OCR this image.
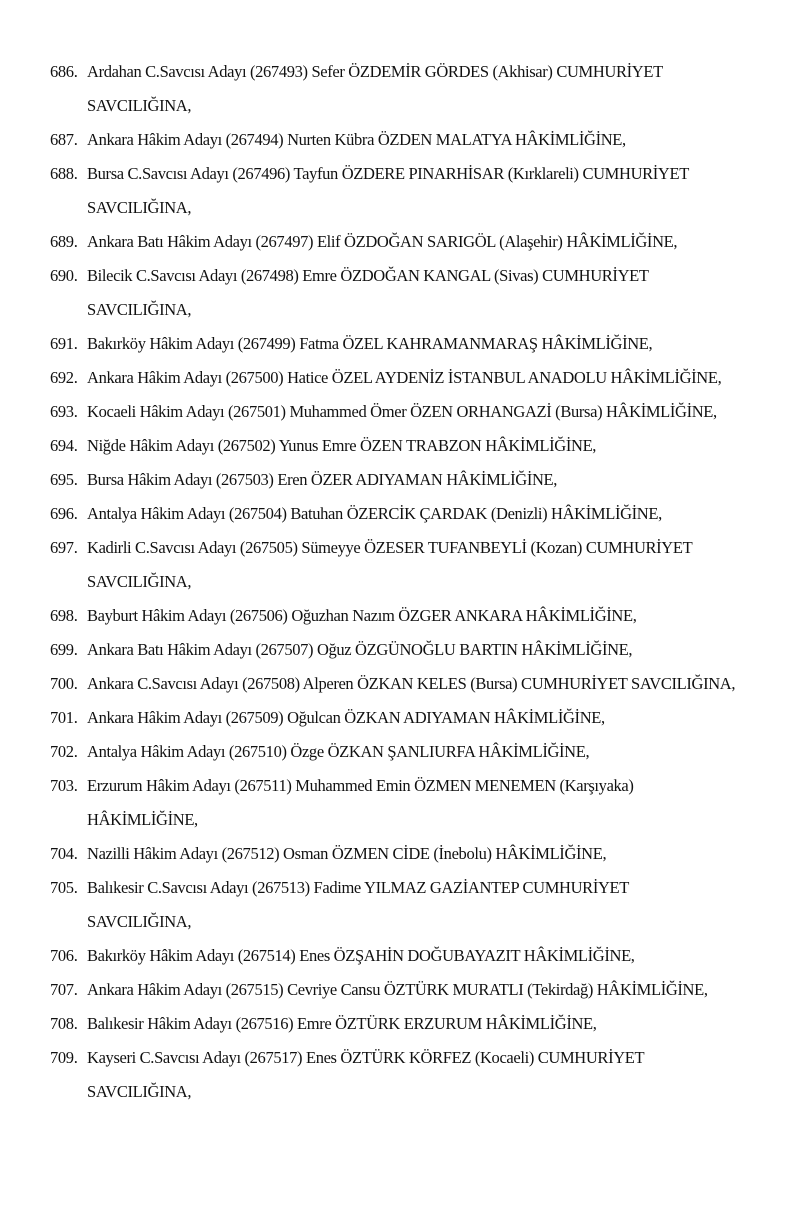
686. Ardahan C.Savcısı Adayı (267493) Sefer ÖZDEMİR GÖRDES (Akhisar) CUMHURİYET
SAVCILIĞINA,
687. Ankara Hâkim Adayı (267494) Nurten Kübra ÖZDEN MALATYA HÂKİMLİĞİNE,
688. Bursa C.Savcısı Adayı (267496) Tayfun ÖZDERE PINARHİSAR (Kırklareli) CUMHURİYET
SAVCILIĞINA,
689. Ankara Batı Hâkim Adayı (267497) Elif ÖZDOĞAN SARIGÖL (Alaşehir) HÂKİMLİĞİNE,
690. Bilecik C.Savcısı Adayı (267498) Emre ÖZDOĞAN KANGAL (Sivas) CUMHURİYET
SAVCILIĞINA,
691. Bakırköy Hâkim Adayı (267499) Fatma ÖZEL KAHRAMANMARAŞ HÂKİMLİĞİNE,
692. Ankara Hâkim Adayı (267500) Hatice ÖZEL AYDENİZ İSTANBUL ANADOLU HÂKİMLİĞİNE,
693. Kocaeli Hâkim Adayı (267501) Muhammed Ömer ÖZEN ORHANGAZİ (Bursa) HÂKİMLİĞİNE,
694. Niğde Hâkim Adayı (267502) Yunus Emre ÖZEN TRABZON HÂKİMLİĞİNE,
695. Bursa Hâkim Adayı (267503) Eren ÖZER ADIYAMAN HÂKİMLİĞİNE,
696. Antalya Hâkim Adayı (267504) Batuhan ÖZERCİK ÇARDAK (Denizli) HÂKİMLİĞİNE,
697. Kadirli C.Savcısı Adayı (267505) Sümeyye ÖZESER TUFANBEYLİ (Kozan) CUMHURİYET
SAVCILIĞINA,
698. Bayburt Hâkim Adayı (267506) Oğuzhan Nazım ÖZGER ANKARA HÂKİMLİĞİNE,
699. Ankara Batı Hâkim Adayı (267507) Oğuz ÖZGÜNOĞLU BARTIN HÂKİMLİĞİNE,
700. Ankara C.Savcısı Adayı (267508) Alperen ÖZKAN KELES (Bursa) CUMHURİYET SAVCILIĞINA,
701. Ankara Hâkim Adayı (267509) Oğulcan ÖZKAN ADIYAMAN HÂKİMLİĞİNE,
702. Antalya Hâkim Adayı (267510) Özge ÖZKAN ŞANLIURFA HÂKİMLİĞİNE,
703. Erzurum Hâkim Adayı (267511) Muhammed Emin ÖZMEN MENEMEN (Karşıyaka)
HÂKİMLİĞİNE,
704. Nazilli Hâkim Adayı (267512) Osman ÖZMEN CİDE (İnebolu) HÂKİMLİĞİNE,
705. Balıkesir C.Savcısı Adayı (267513) Fadime YILMAZ GAZİANTEP CUMHURİYET
SAVCILIĞINA,
706. Bakırköy Hâkim Adayı (267514) Enes ÖZŞAHİN DOĞUBAYAZIT HÂKİMLİĞİNE,
707. Ankara Hâkim Adayı (267515) Cevriye Cansu ÖZTÜRK MURATLI (Tekirdağ) HÂKİMLİĞİNE,
708. Balıkesir Hâkim Adayı (267516) Emre ÖZTÜRK ERZURUM HÂKİMLİĞİNE,
709. Kayseri C.Savcısı Adayı (267517) Enes ÖZTÜRK KÖRFEZ (Kocaeli) CUMHURİYET
SAVCILIĞINA,
